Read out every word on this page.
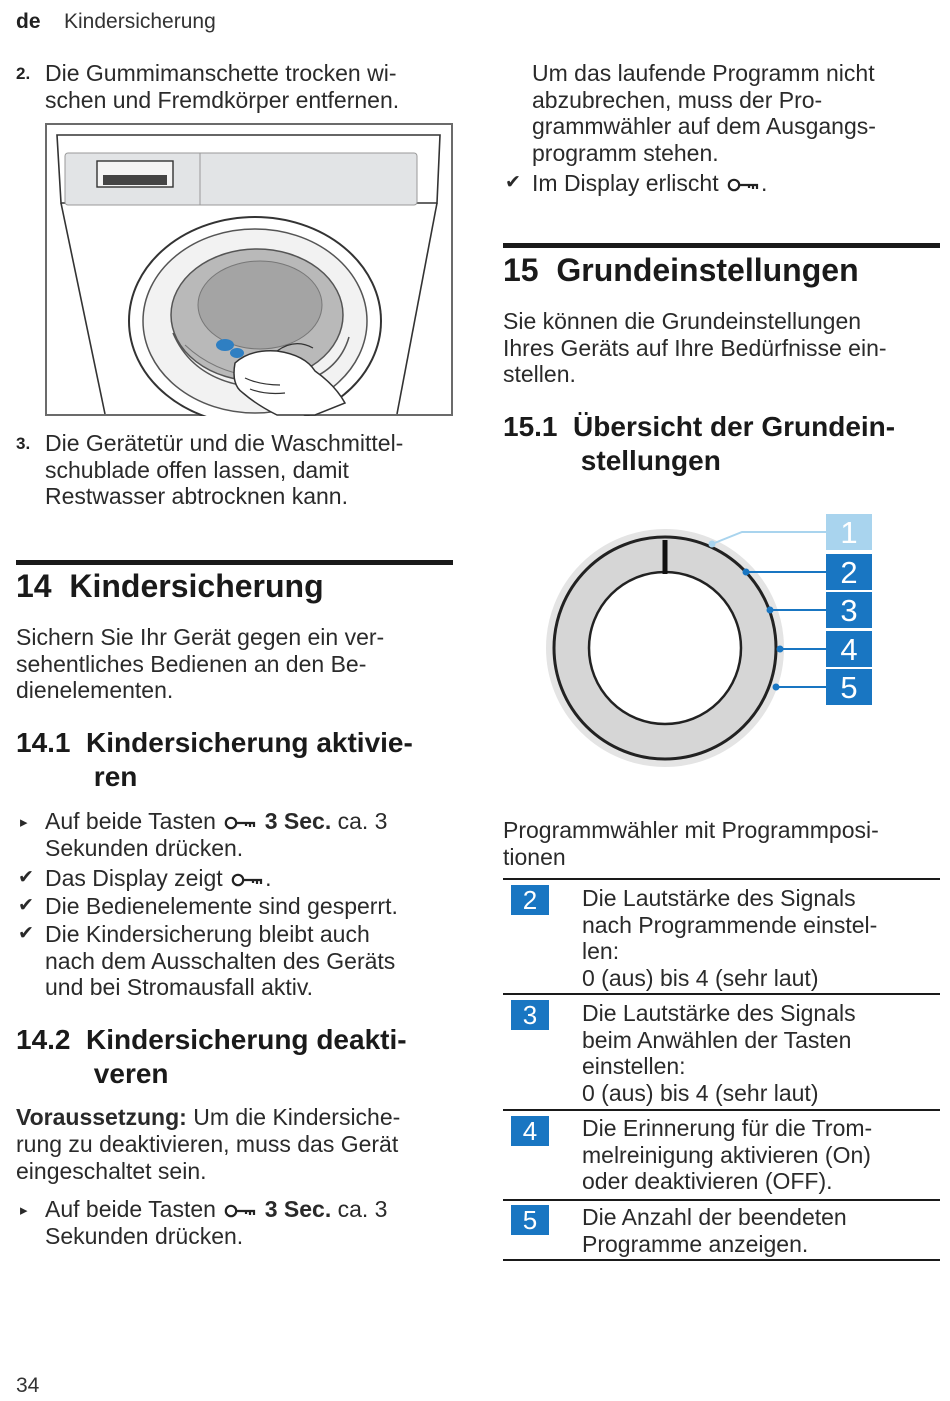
de Kindersicherung
2. Die Gummimanschette trocken wi-
schen und Fremdkörper entfernen.
3. Die Gerätetür und die Waschmittel-
schublade offen lassen, damit
Restwasser abtrocknen kann.
14  Kindersicherung
Sichern Sie Ihr Gerät gegen ein ver-
sehentliches Bedienen an den Be-
dienelementen.
14.1  Kindersicherung aktivie-
ren
▸ Auf beide Tasten 3 Sec. ca. 3
Sekunden drücken.
✔ Das Display zeigt .
✔ Die Bedienelemente sind gesperrt.
✔ Die Kindersicherung bleibt auch
nach dem Ausschalten des Geräts
und bei Stromausfall aktiv.
14.2  Kindersicherung deakti-
veren
Voraussetzung: Um die Kindersiche-
rung zu deaktivieren, muss das Gerät
eingeschaltet sein.
▸ Auf beide Tasten 3 Sec. ca. 3
Sekunden drücken.
Um das laufende Programm nicht
abzubrechen, muss der Pro-
grammwähler auf dem Ausgangs-
programm stehen.
✔ Im Display erlischt .
15  Grundeinstellungen
Sie können die Grundeinstellungen
Ihres Geräts auf Ihre Bedürfnisse ein-
stellen.
15.1  Übersicht der Grundein-
stellungen
1
2
3
4
5
Programmwähler mit Programmposi-
tionen
2	Die Lautstärke des Signals
nach Programmende einstel-
len:
0 (aus) bis 4 (sehr laut)
3	Die Lautstärke des Signals
beim Anwählen der Tasten
einstellen:
0 (aus) bis 4 (sehr laut)
4	Die Erinnerung für die Trom-
melreinigung aktivieren (On)
oder deaktivieren (OFF).
5	Die Anzahl der beendeten
Programme anzeigen.
34
